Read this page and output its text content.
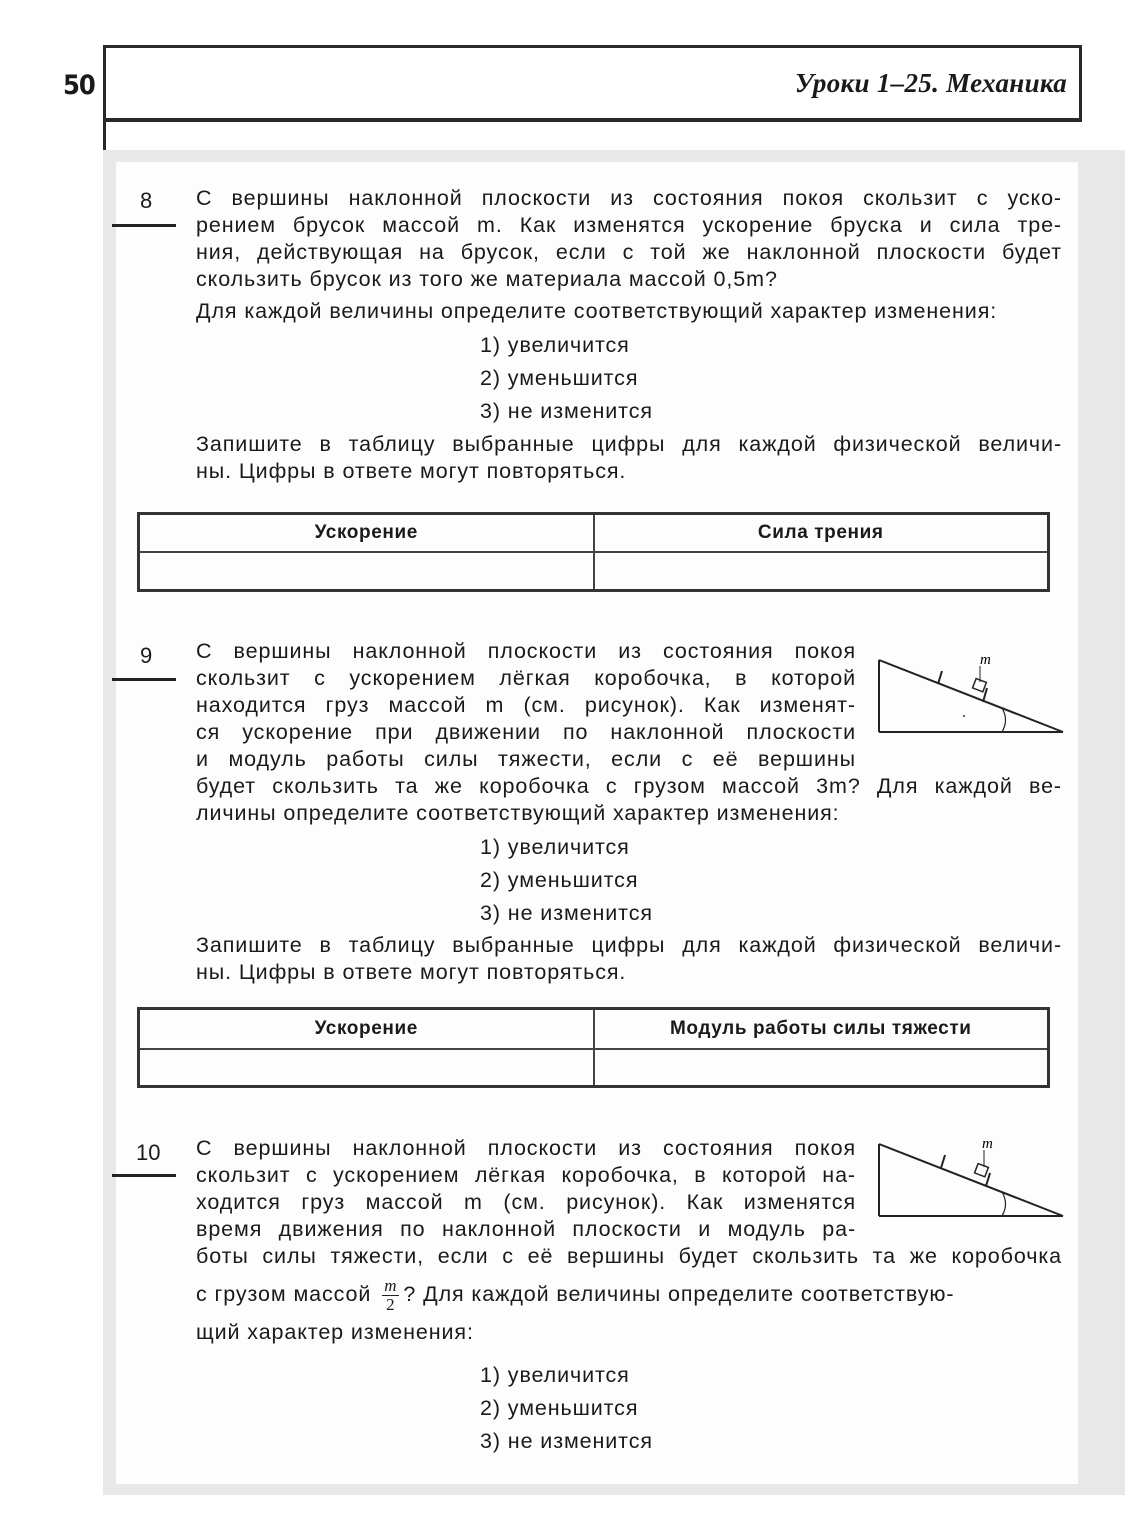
50	Уроки 1–25. Механика
8 С вершины наклонной плоскости из состояния покоя скользит с уско-
рением брусок массой m. Как изменятся ускорение бруска и сила тре-
ния, действующая на брусок, если с той же наклонной плоскости будет
скользить брусок из того же материала массой 0,5m?
Для каждой величины определите соответствующий характер изменения:
1) увеличится
2) уменьшится
3) не изменится
Запишите в таблицу выбранные цифры для каждой физической величи-
ны. Цифры в ответе могут повторяться.
Ускорение	Сила трения

9 С вершины наклонной плоскости из состояния покоя
скользит с ускорением лёгкая коробочка, в которой
находится груз массой m (см. рисунок). Как изменят-
ся ускорение при движении по наклонной плоскости
и модуль работы силы тяжести, если с её вершины
будет скользить та же коробочка с грузом массой 3m? Для каждой ве-
личины определите соответствующий характер изменения:
m
1) увеличится
2) уменьшится
3) не изменится
Запишите в таблицу выбранные цифры для каждой физической величи-
ны. Цифры в ответе могут повторяться.
Ускорение	Модуль работы силы тяжести

10 С вершины наклонной плоскости из состояния покоя
скользит с ускорением лёгкая коробочка, в которой на-
ходится груз массой m (см. рисунок). Как изменятся
время движения по наклонной плоскости и модуль ра-
боты силы тяжести, если с её вершины будет скользить та же коробочка
с грузом массой $\frac{m}{2}$ ? Для каждой величины определите соответствую-
щий характер изменения:
m
1) увеличится
2) уменьшится
3) не изменится
